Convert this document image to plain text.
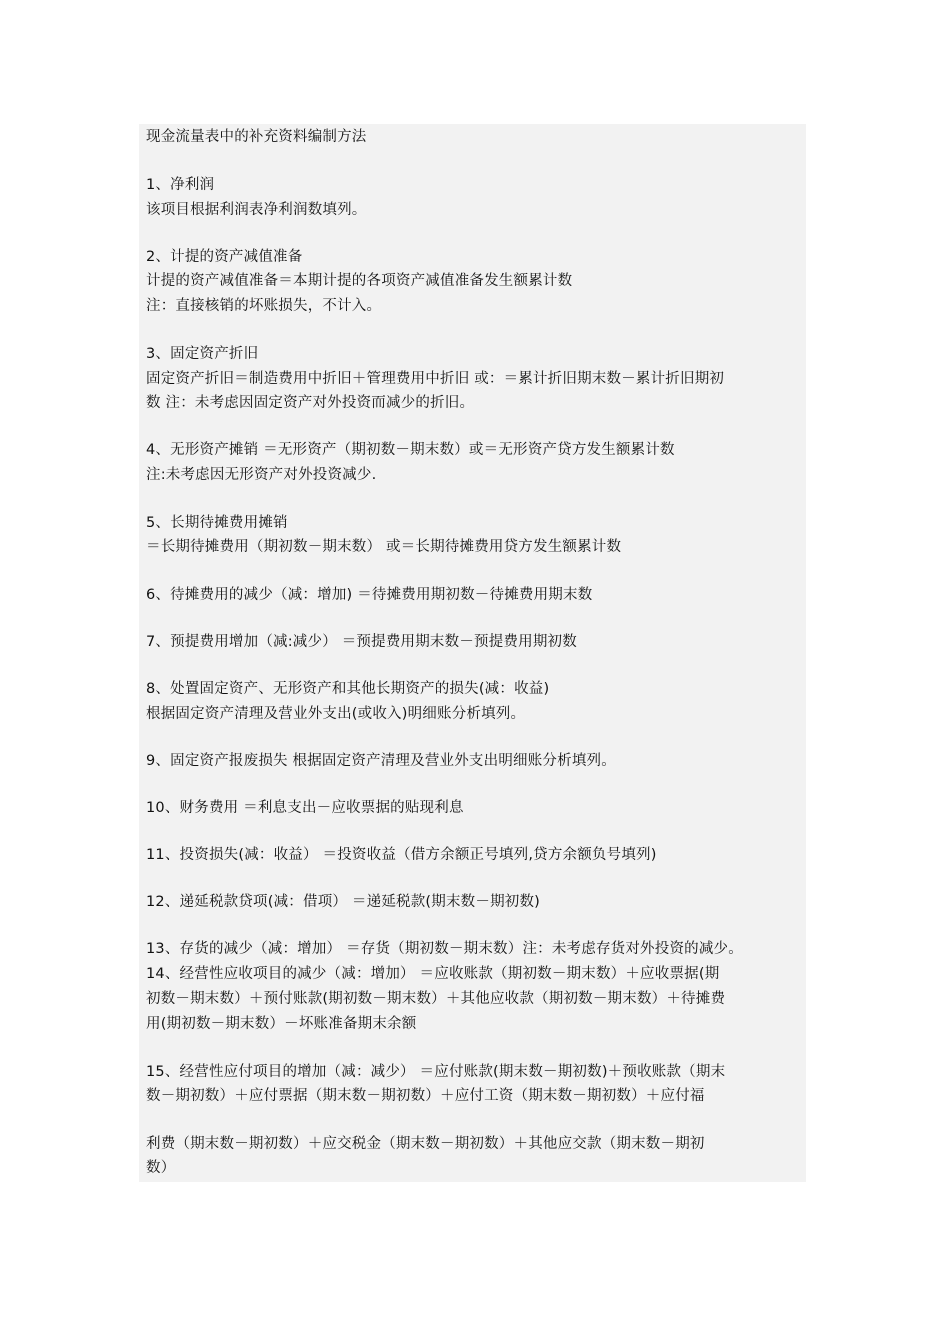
现金流量表中的补充资料编制方法
1、净利润
该项目根据利润表净利润数填列。
2、计提的资产减值准备
计提的资产减值准备＝本期计提的各项资产减值准备发生额累计数
注：直接核销的坏账损失，不计入。
3、固定资产折旧
固定资产折旧＝制造费用中折旧＋管理费用中折旧 或：＝累计折旧期末数－累计折旧期初
数 注：未考虑因固定资产对外投资而减少的折旧。
4、无形资产摊销 ＝无形资产（期初数－期末数）或＝无形资产贷方发生额累计数
注:未考虑因无形资产对外投资减少.
5、长期待摊费用摊销
＝长期待摊费用（期初数－期末数） 或＝长期待摊费用贷方发生额累计数
6、待摊费用的减少（减：增加) ＝待摊费用期初数－待摊费用期末数
7、预提费用增加（减:减少） ＝预提费用期末数－预提费用期初数
8、处置固定资产、无形资产和其他长期资产的损失(减：收益)
根据固定资产清理及营业外支出(或收入)明细账分析填列。
9、固定资产报废损失 根据固定资产清理及营业外支出明细账分析填列。
10、财务费用 ＝利息支出－应收票据的贴现利息
11、投资损失(减：收益） ＝投资收益（借方余额正号填列,贷方余额负号填列)
12、递延税款贷项(减：借项） ＝递延税款(期末数－期初数)
13、存货的减少（减：增加） ＝存货（期初数－期末数）注：未考虑存货对外投资的减少。
14、经营性应收项目的减少（减：增加） ＝应收账款（期初数－期末数）＋应收票据(期
初数－期末数）＋预付账款(期初数－期末数）＋其他应收款（期初数－期末数）＋待摊费
用(期初数－期末数）－坏账准备期末余额
15、经营性应付项目的增加（减：减少） ＝应付账款(期末数－期初数)＋预收账款（期末
数－期初数）＋应付票据（期末数－期初数）＋应付工资（期末数－期初数）＋应付福
利费（期末数－期初数）＋应交税金（期末数－期初数）＋其他应交款（期末数－期初
数）
